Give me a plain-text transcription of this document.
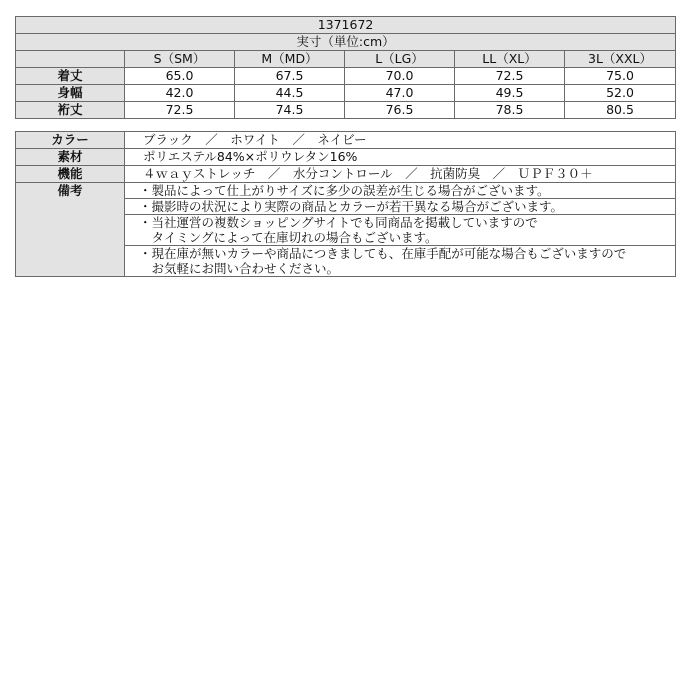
1371672					
実寸（単位:cm）					
	S（SM）	M（MD）	L（LG）	LL（XL）	3L（XXL）
着丈	65.0	67.5	70.0	72.5	75.0
身幅	42.0	44.5	47.0	49.5	52.0
裄丈	72.5	74.5	76.5	78.5	80.5
カラー	ブラック　／　ホワイト　／　ネイビー
素材	ポリエステル84%×ポリウレタン16%
機能	４ｗａｙストレッチ　／　水分コントロール　／　抗菌防臭　／　ＵＰＦ３０＋
備考	・製品によって仕上がりサイズに多少の誤差が生じる場合がございます。

	・撮影時の状況により実際の商品とカラーが若干異なる場合がございます。

	・当社運営の複数ショッピングサイトでも同商品を掲載していますので
　タイミングによって在庫切れの場合もございます。

	・現在庫が無いカラーや商品につきましても、在庫手配が可能な場合もございますので
　お気軽にお問い合わせください。
